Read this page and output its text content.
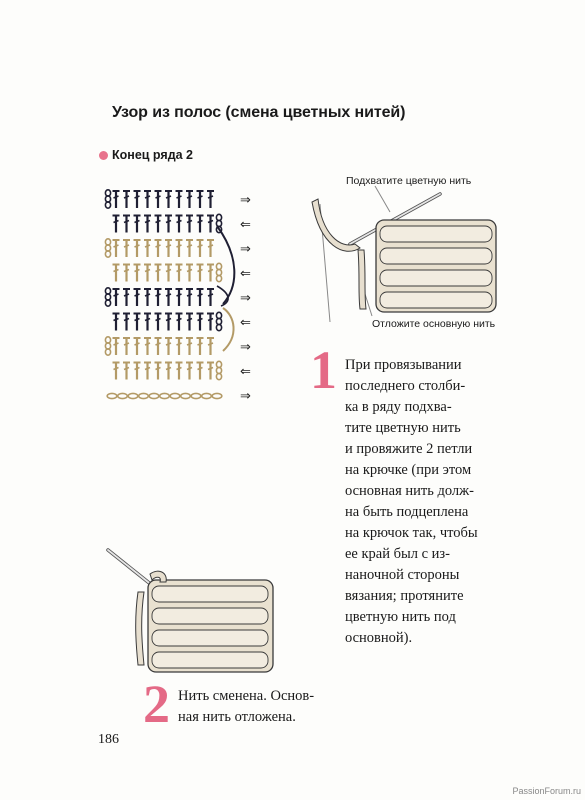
Узор из полос (смена цветных нитей)
Конец ряда 2
⇒
⇐
⇒
⇐
⇒
⇐
⇒
⇐
⇒
Подхватите цветную нить
Отложите основную нить
1 При провязывании
последнего столби-
ка в ряду подхва-
тите цветную нить
и провяжите 2 петли
на крючке (при этом
основная нить долж-
на быть подцеплена
на крючок так, чтобы
ее край был с из-
наночной стороны
вязания; протяните
цветную нить под
основной).
2 Нить сменена. Основ-
ная нить отложена.
186
PassionForum.ru
